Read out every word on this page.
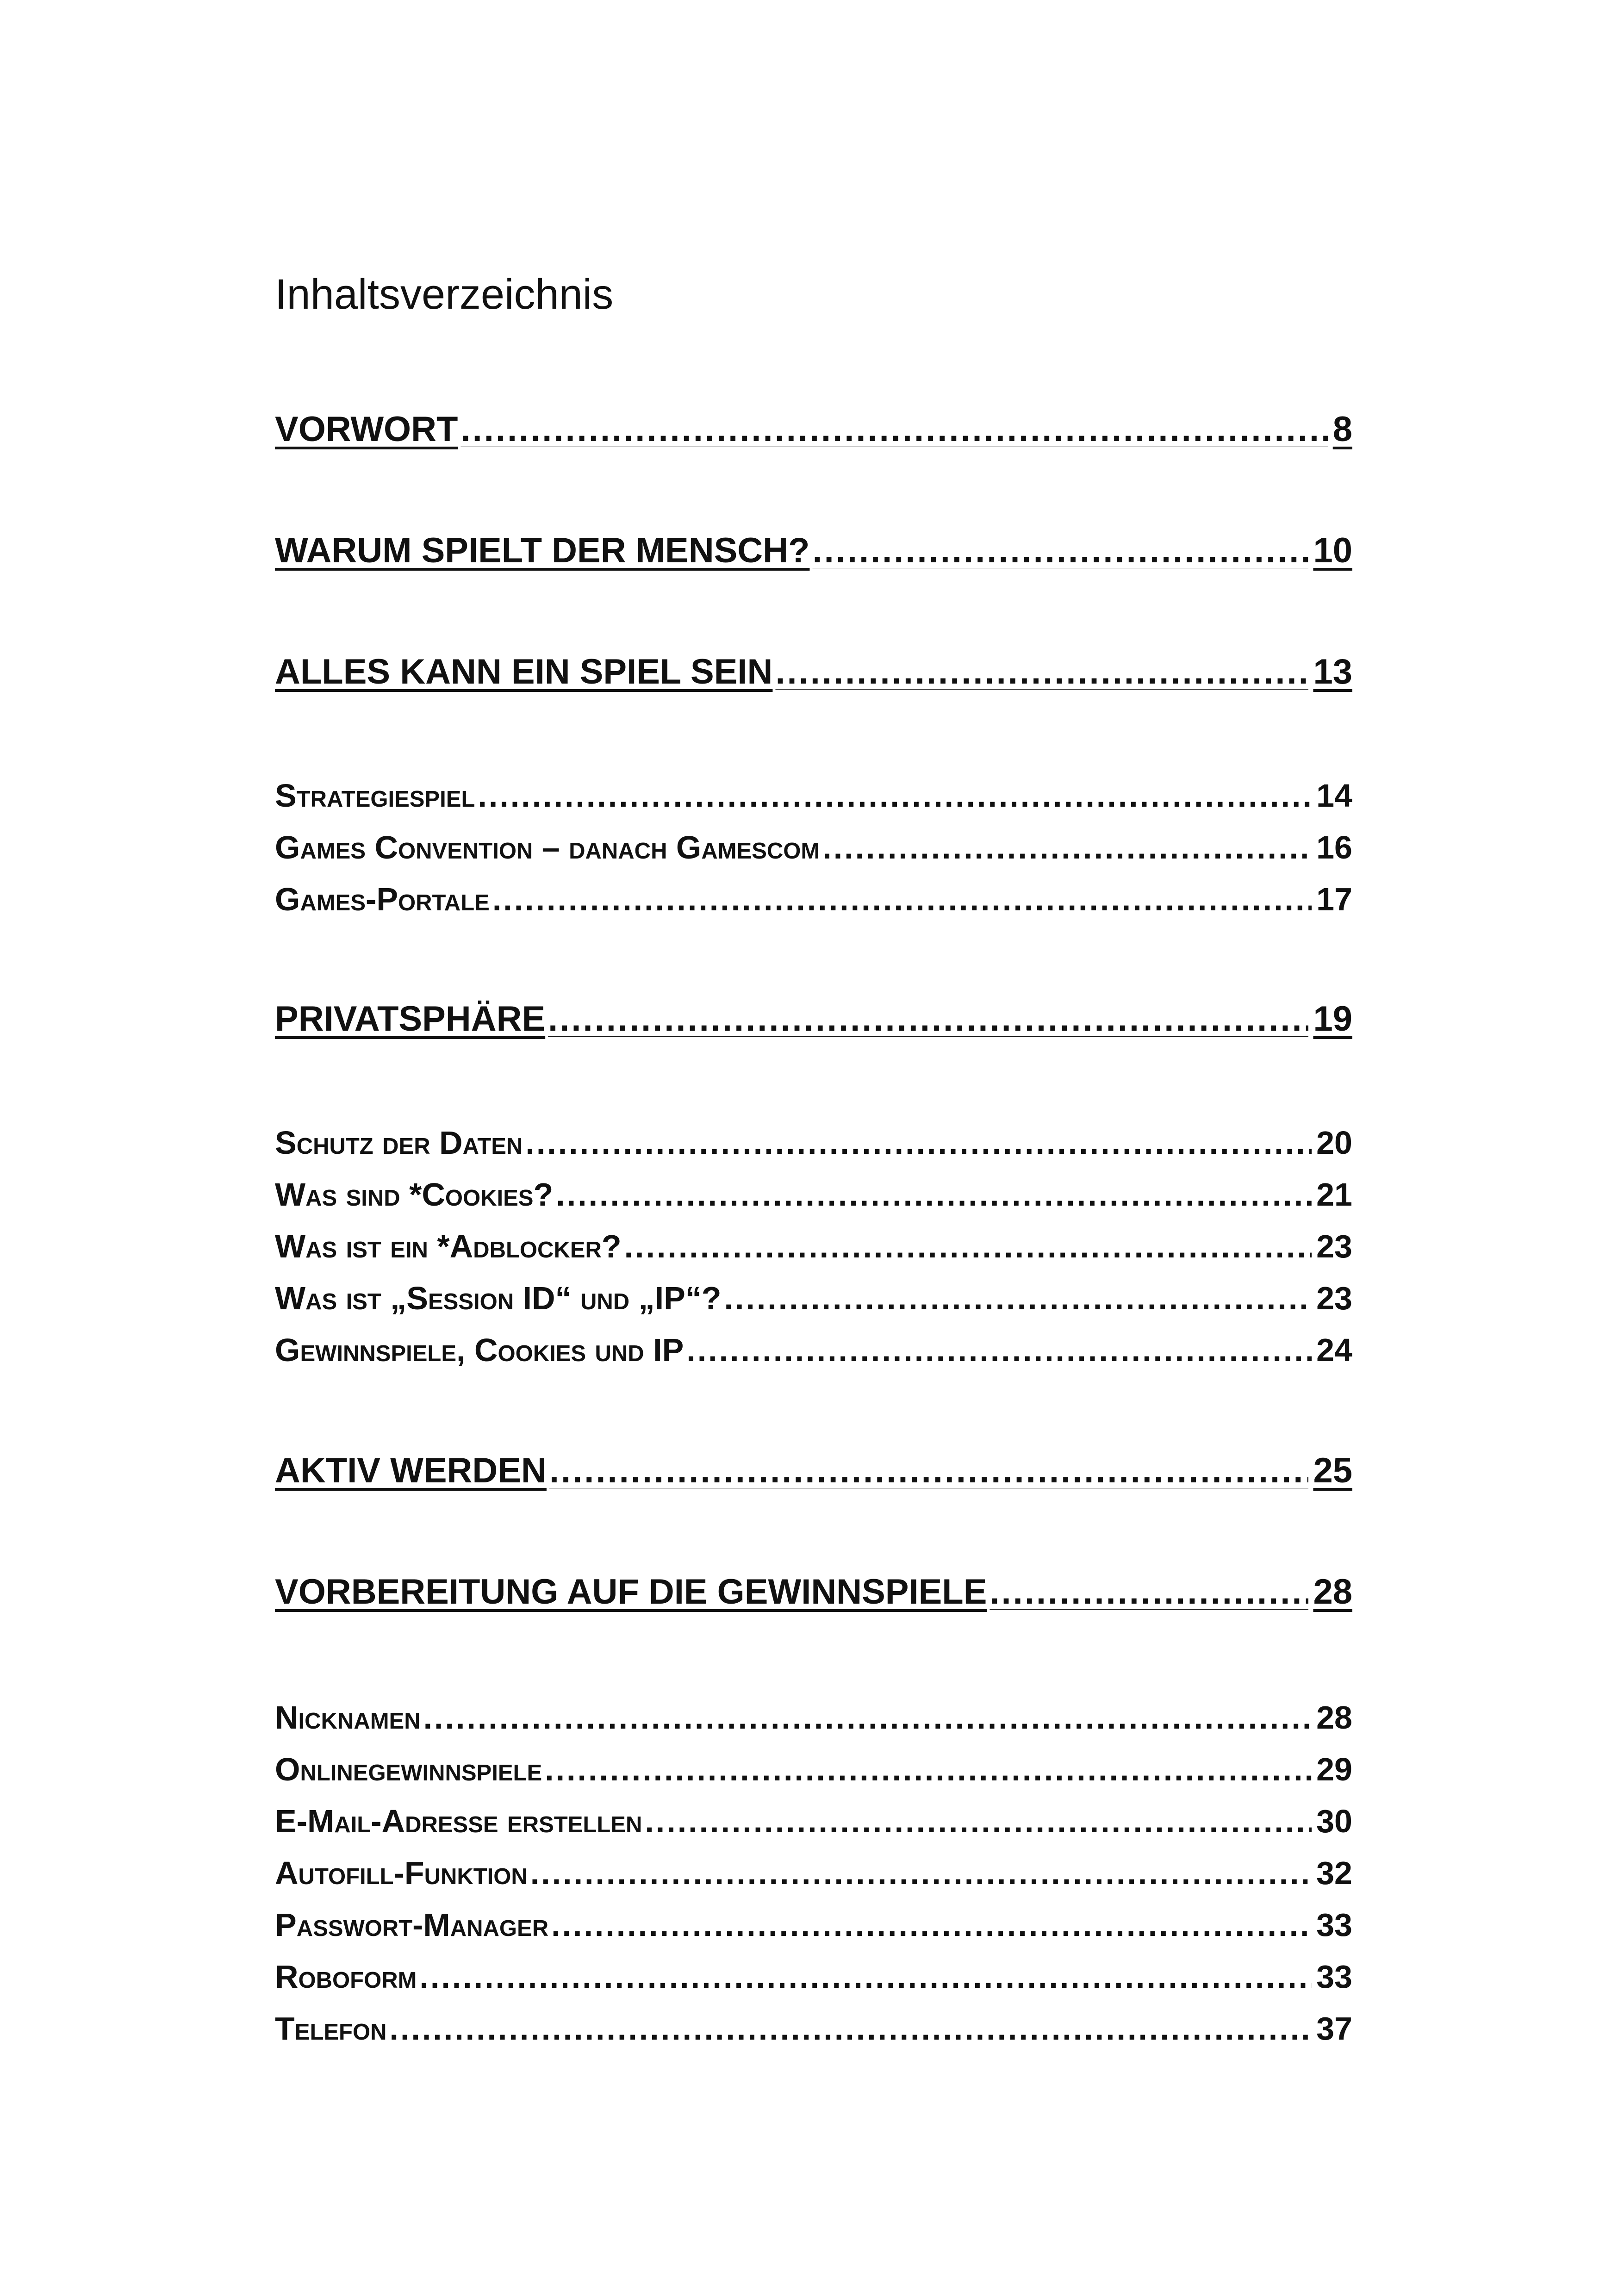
Inhaltsverzeichnis
VORWORT .....	8
WARUM SPIELT DER MENSCH? .....	10
ALLES KANN EIN SPIEL SEIN .....	13
Strategiespiel .....	14
Games Convention – danach Gamescom .....	16
Games-Portale .....	17
PRIVATSPHÄRE .....	19
Schutz der Daten .....	20
Was sind *Cookies? .....	21
Was ist ein *Adblocker? .....	23
Was ist „Session ID“ und „IP“? .....	23
Gewinnspiele, Cookies und IP .....	24
AKTIV WERDEN .....	25
VORBEREITUNG AUF DIE GEWINNSPIELE .....	28
Nicknamen .....	28
Onlinegewinnspiele .....	29
E-Mail-Adresse erstellen .....	30
Autofill-Funktion .....	32
Passwort-Manager .....	33
Roboform .....	33
Telefon .....	37
